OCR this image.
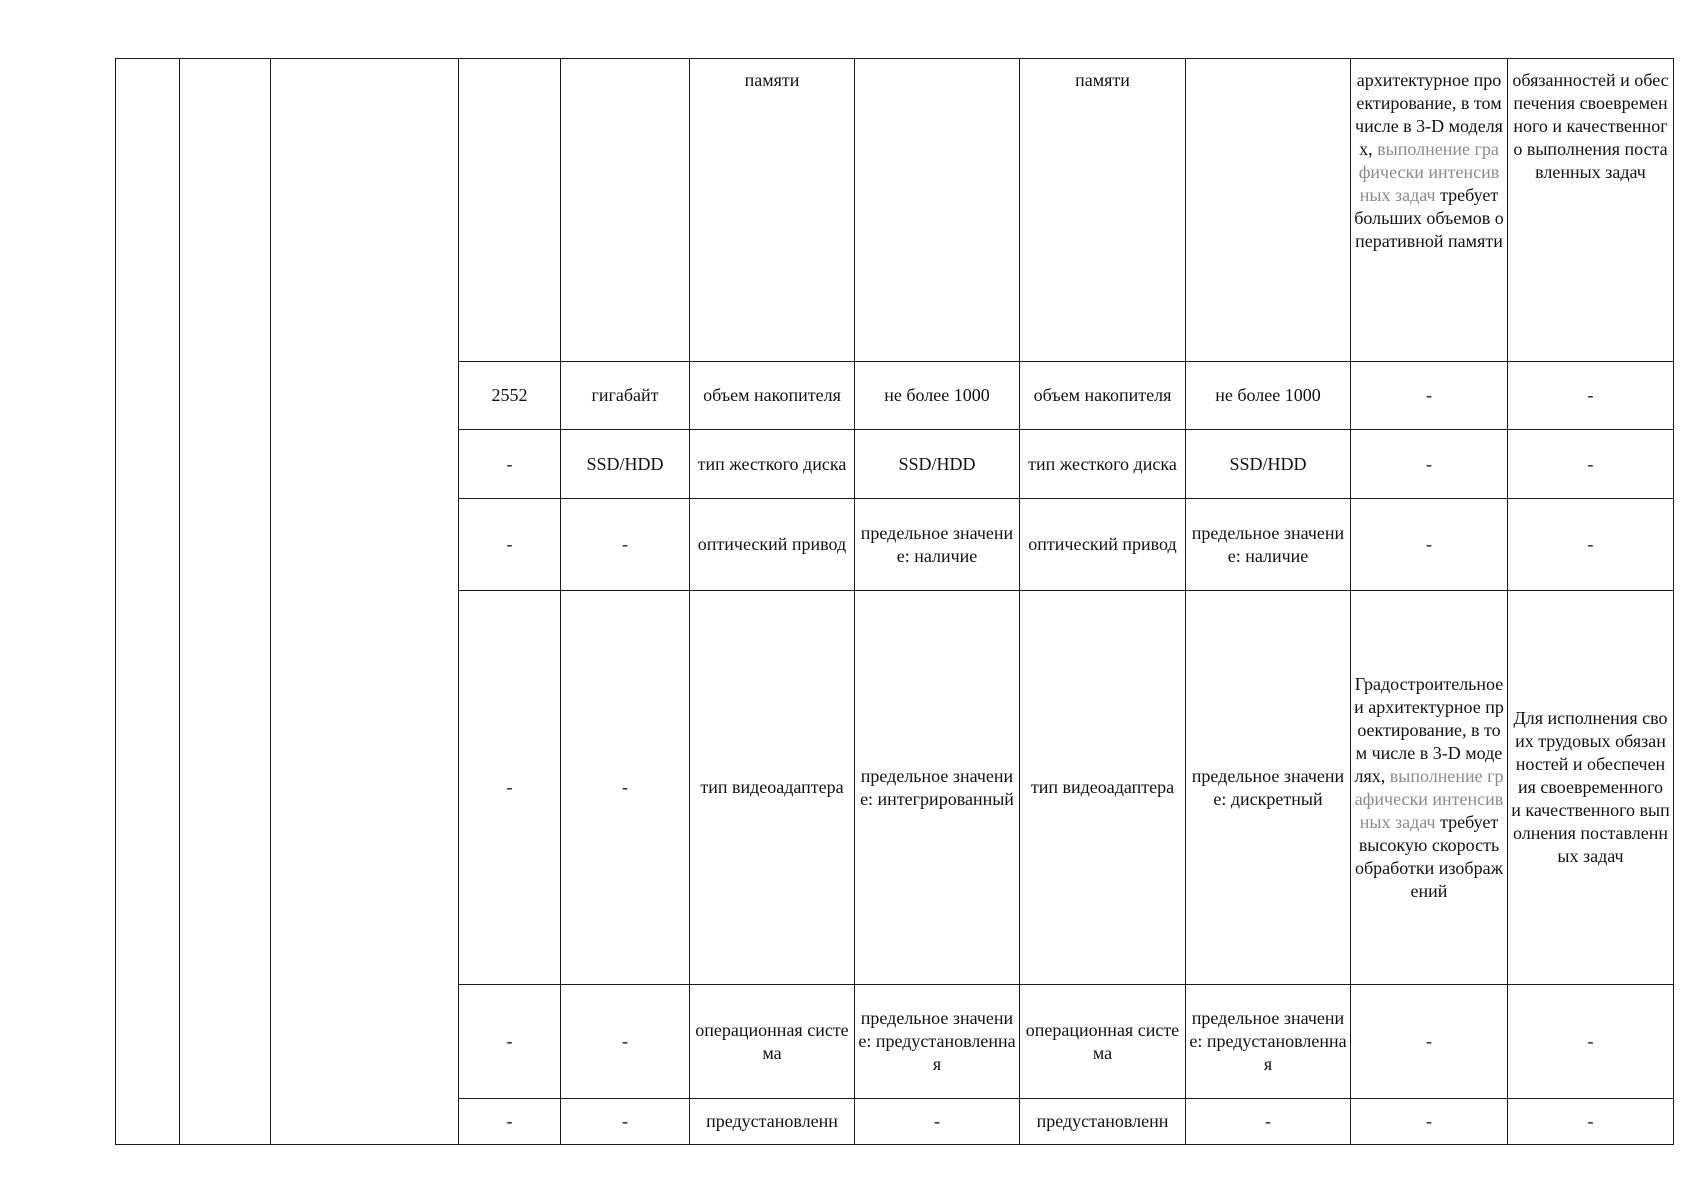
					памяти		памяти		архитектурное проектирование, в том числе в 3-D моделях, выполнение графически интенсивных задач требует больших объемов оперативной памяти	обязанностей и обеспечения своевременного и качественного выполнения поставленных задач
			2552	гигабайт	объем накопителя	не более 1000	объем накопителя	не более 1000	-	-
			-	SSD/HDD	тип жесткого диска	SSD/HDD	тип жесткого диска	SSD/HDD	-	-
			-	-	оптический привод	предельное значение: наличие	оптический привод	предельное значение: наличие	-	-
			-	-	тип видеоадаптера	предельное значение: интегрированный	тип видеоадаптера	предельное значение: дискретный	Градостроительное и архитектурное проектирование, в том числе в 3-D моделях, выполнение графически интенсивных задач требует высокую скорость обработки изображений	Для исполнения своих трудовых обязанностей и обеспечения своевременного и качественного выполнения поставленных задач
			-	-	операционная система	предельное значение: предустановленная	операционная система	предельное значение: предустановленная	-	-
			-	-	предустановленн	-	предустановленн	-	-	-
